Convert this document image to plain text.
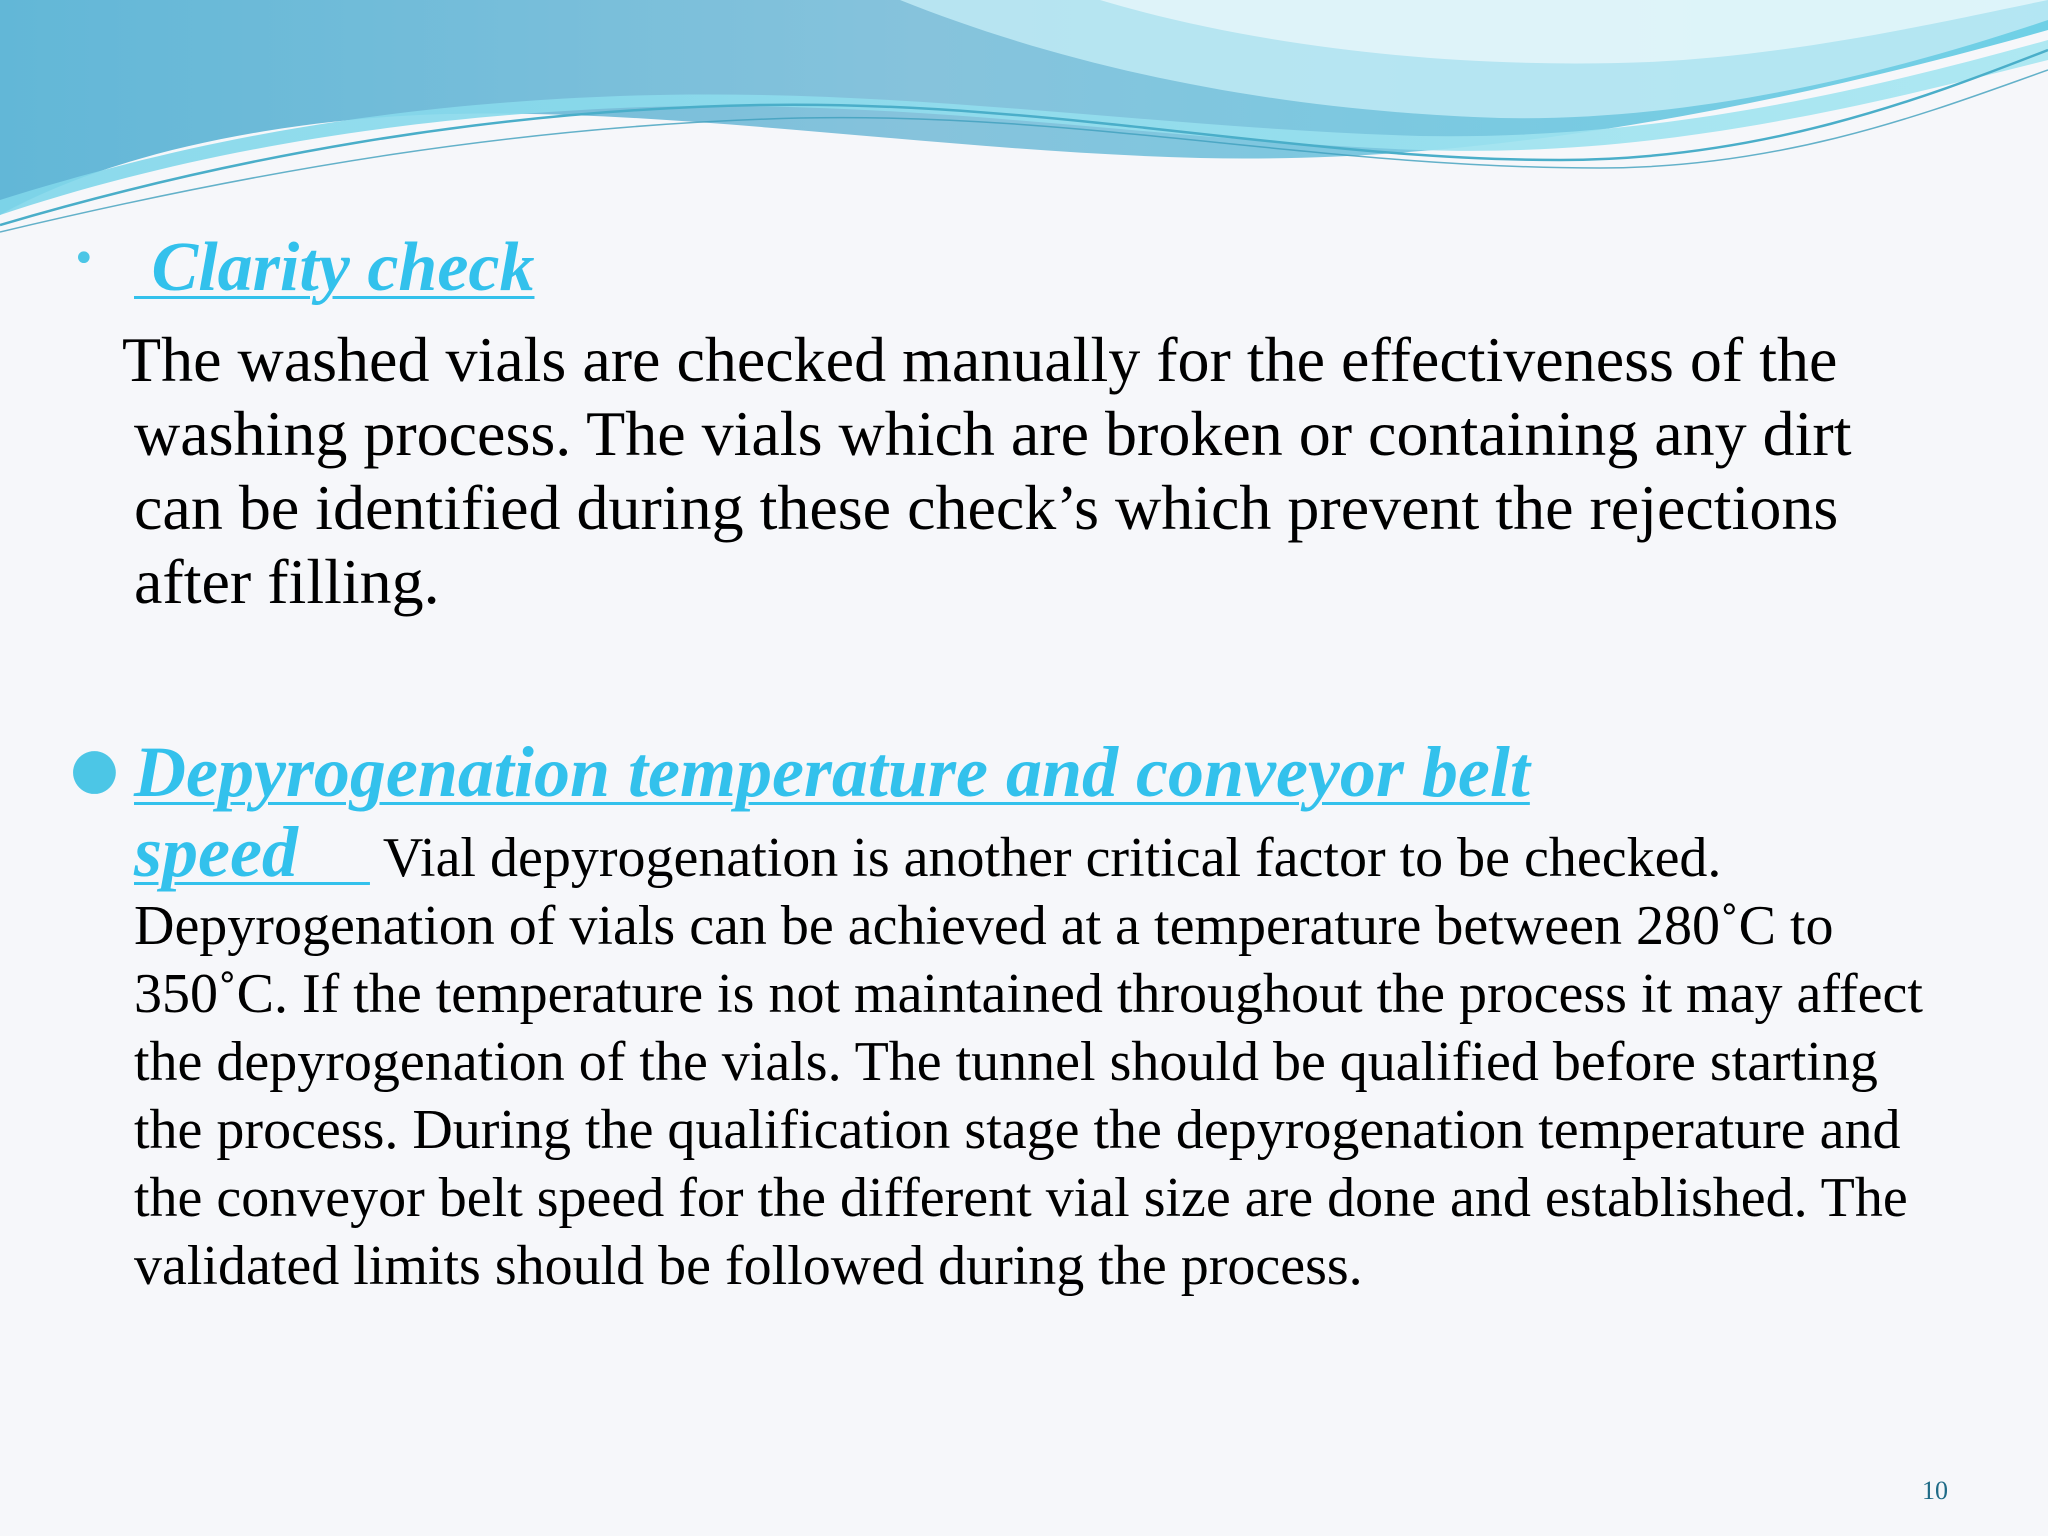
• Clarity check

The washed vials are checked manually for the effectiveness of the washing process. The vials which are broken or containing any dirt can be identified during these check’s which prevent the rejections after filling.

● Depyrogenation temperature and conveyor belt
speed     Vial depyrogenation is another critical factor to be checked. Depyrogenation of vials can be achieved at a temperature between 280˚C to 350˚C. If the temperature is not maintained throughout the process it may affect the depyrogenation of the vials. The tunnel should be qualified before starting the process. During the qualification stage the depyrogenation temperature and the conveyor belt speed for the different vial size are done and established. The validated limits should be followed during the process.

10
